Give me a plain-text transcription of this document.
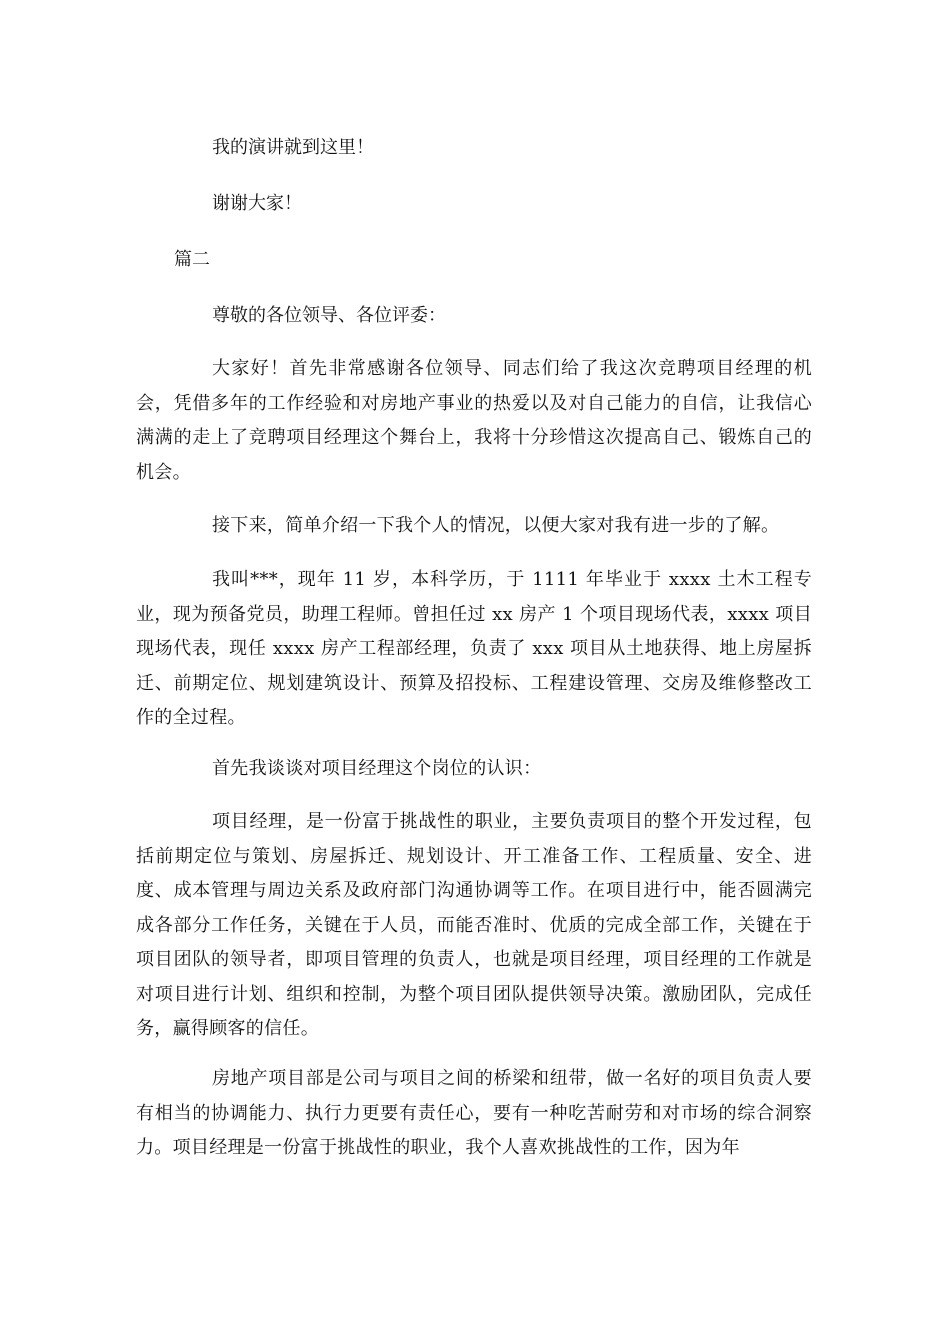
我的演讲就到这里！
谢谢大家！
篇二
尊敬的各位领导、各位评委：
大家好！首先非常感谢各位领导、同志们给了我这次竞聘项目经理的机会，凭借多年的工作经验和对房地产事业的热爱以及对自己能力的自信，让我信心满满的走上了竞聘项目经理这个舞台上，我将十分珍惜这次提高自己、锻炼自己的机会。
接下来，简单介绍一下我个人的情况，以便大家对我有进一步的了解。
我叫***，现年 11 岁，本科学历，于 1111 年毕业于 xxxx 土木工程专业，现为预备党员，助理工程师。曾担任过 xx 房产 1 个项目现场代表，xxxx 项目现场代表，现任 xxxx 房产工程部经理，负责了 xxx 项目从土地获得、地上房屋拆迁、前期定位、规划建筑设计、预算及招投标、工程建设管理、交房及维修整改工作的全过程。
首先我谈谈对项目经理这个岗位的认识：
项目经理，是一份富于挑战性的职业，主要负责项目的整个开发过程，包括前期定位与策划、房屋拆迁、规划设计、开工准备工作、工程质量、安全、进度、成本管理与周边关系及政府部门沟通协调等工作。在项目进行中，能否圆满完成各部分工作任务，关键在于人员，而能否准时、优质的完成全部工作，关键在于项目团队的领导者，即项目管理的负责人，也就是项目经理，项目经理的工作就是对项目进行计划、组织和控制，为整个项目团队提供领导决策。激励团队，完成任务，赢得顾客的信任。
房地产项目部是公司与项目之间的桥梁和纽带，做一名好的项目负责人要有相当的协调能力、执行力更要有责任心，要有一种吃苦耐劳和对市场的综合洞察力。项目经理是一份富于挑战性的职业，我个人喜欢挑战性的工作，因为年
